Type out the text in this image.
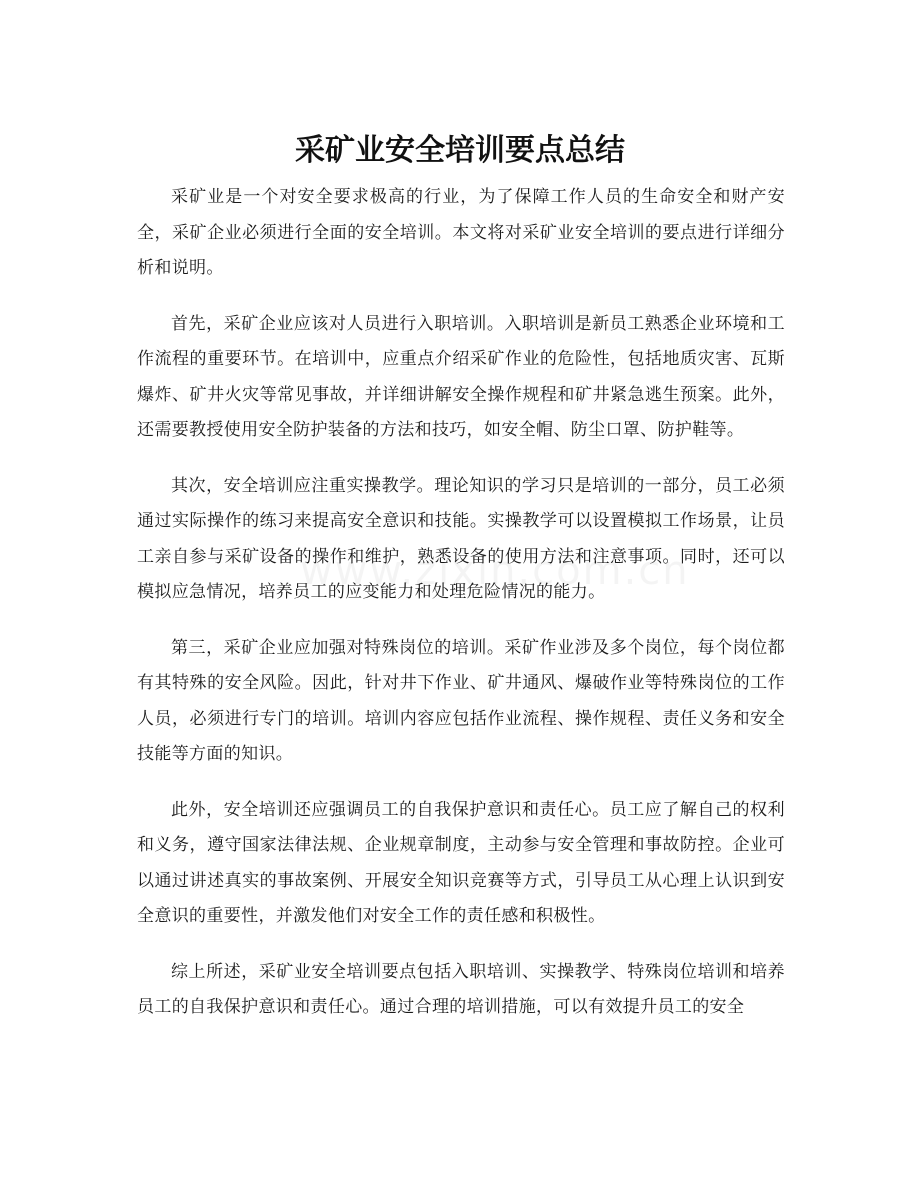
采矿业安全培训要点总结

采矿业是一个对安全要求极高的行业，为了保障工作人员的生命安全和财产安全，采矿企业必须进行全面的安全培训。本文将对采矿业安全培训的要点进行详细分析和说明。

首先，采矿企业应该对人员进行入职培训。入职培训是新员工熟悉企业环境和工作流程的重要环节。在培训中，应重点介绍采矿作业的危险性，包括地质灾害、瓦斯爆炸、矿井火灾等常见事故，并详细讲解安全操作规程和矿井紧急逃生预案。此外，还需要教授使用安全防护装备的方法和技巧，如安全帽、防尘口罩、防护鞋等。

其次，安全培训应注重实操教学。理论知识的学习只是培训的一部分，员工必须通过实际操作的练习来提高安全意识和技能。实操教学可以设置模拟工作场景，让员工亲自参与采矿设备的操作和维护，熟悉设备的使用方法和注意事项。同时，还可以模拟应急情况，培养员工的应变能力和处理危险情况的能力。

第三，采矿企业应加强对特殊岗位的培训。采矿作业涉及多个岗位，每个岗位都有其特殊的安全风险。因此，针对井下作业、矿井通风、爆破作业等特殊岗位的工作人员，必须进行专门的培训。培训内容应包括作业流程、操作规程、责任义务和安全技能等方面的知识。

此外，安全培训还应强调员工的自我保护意识和责任心。员工应了解自己的权利和义务，遵守国家法律法规、企业规章制度，主动参与安全管理和事故防控。企业可以通过讲述真实的事故案例、开展安全知识竞赛等方式，引导员工从心理上认识到安全意识的重要性，并激发他们对安全工作的责任感和积极性。

综上所述，采矿业安全培训要点包括入职培训、实操教学、特殊岗位培训和培养员工的自我保护意识和责任心。通过合理的培训措施，可以有效提升员工的安全
